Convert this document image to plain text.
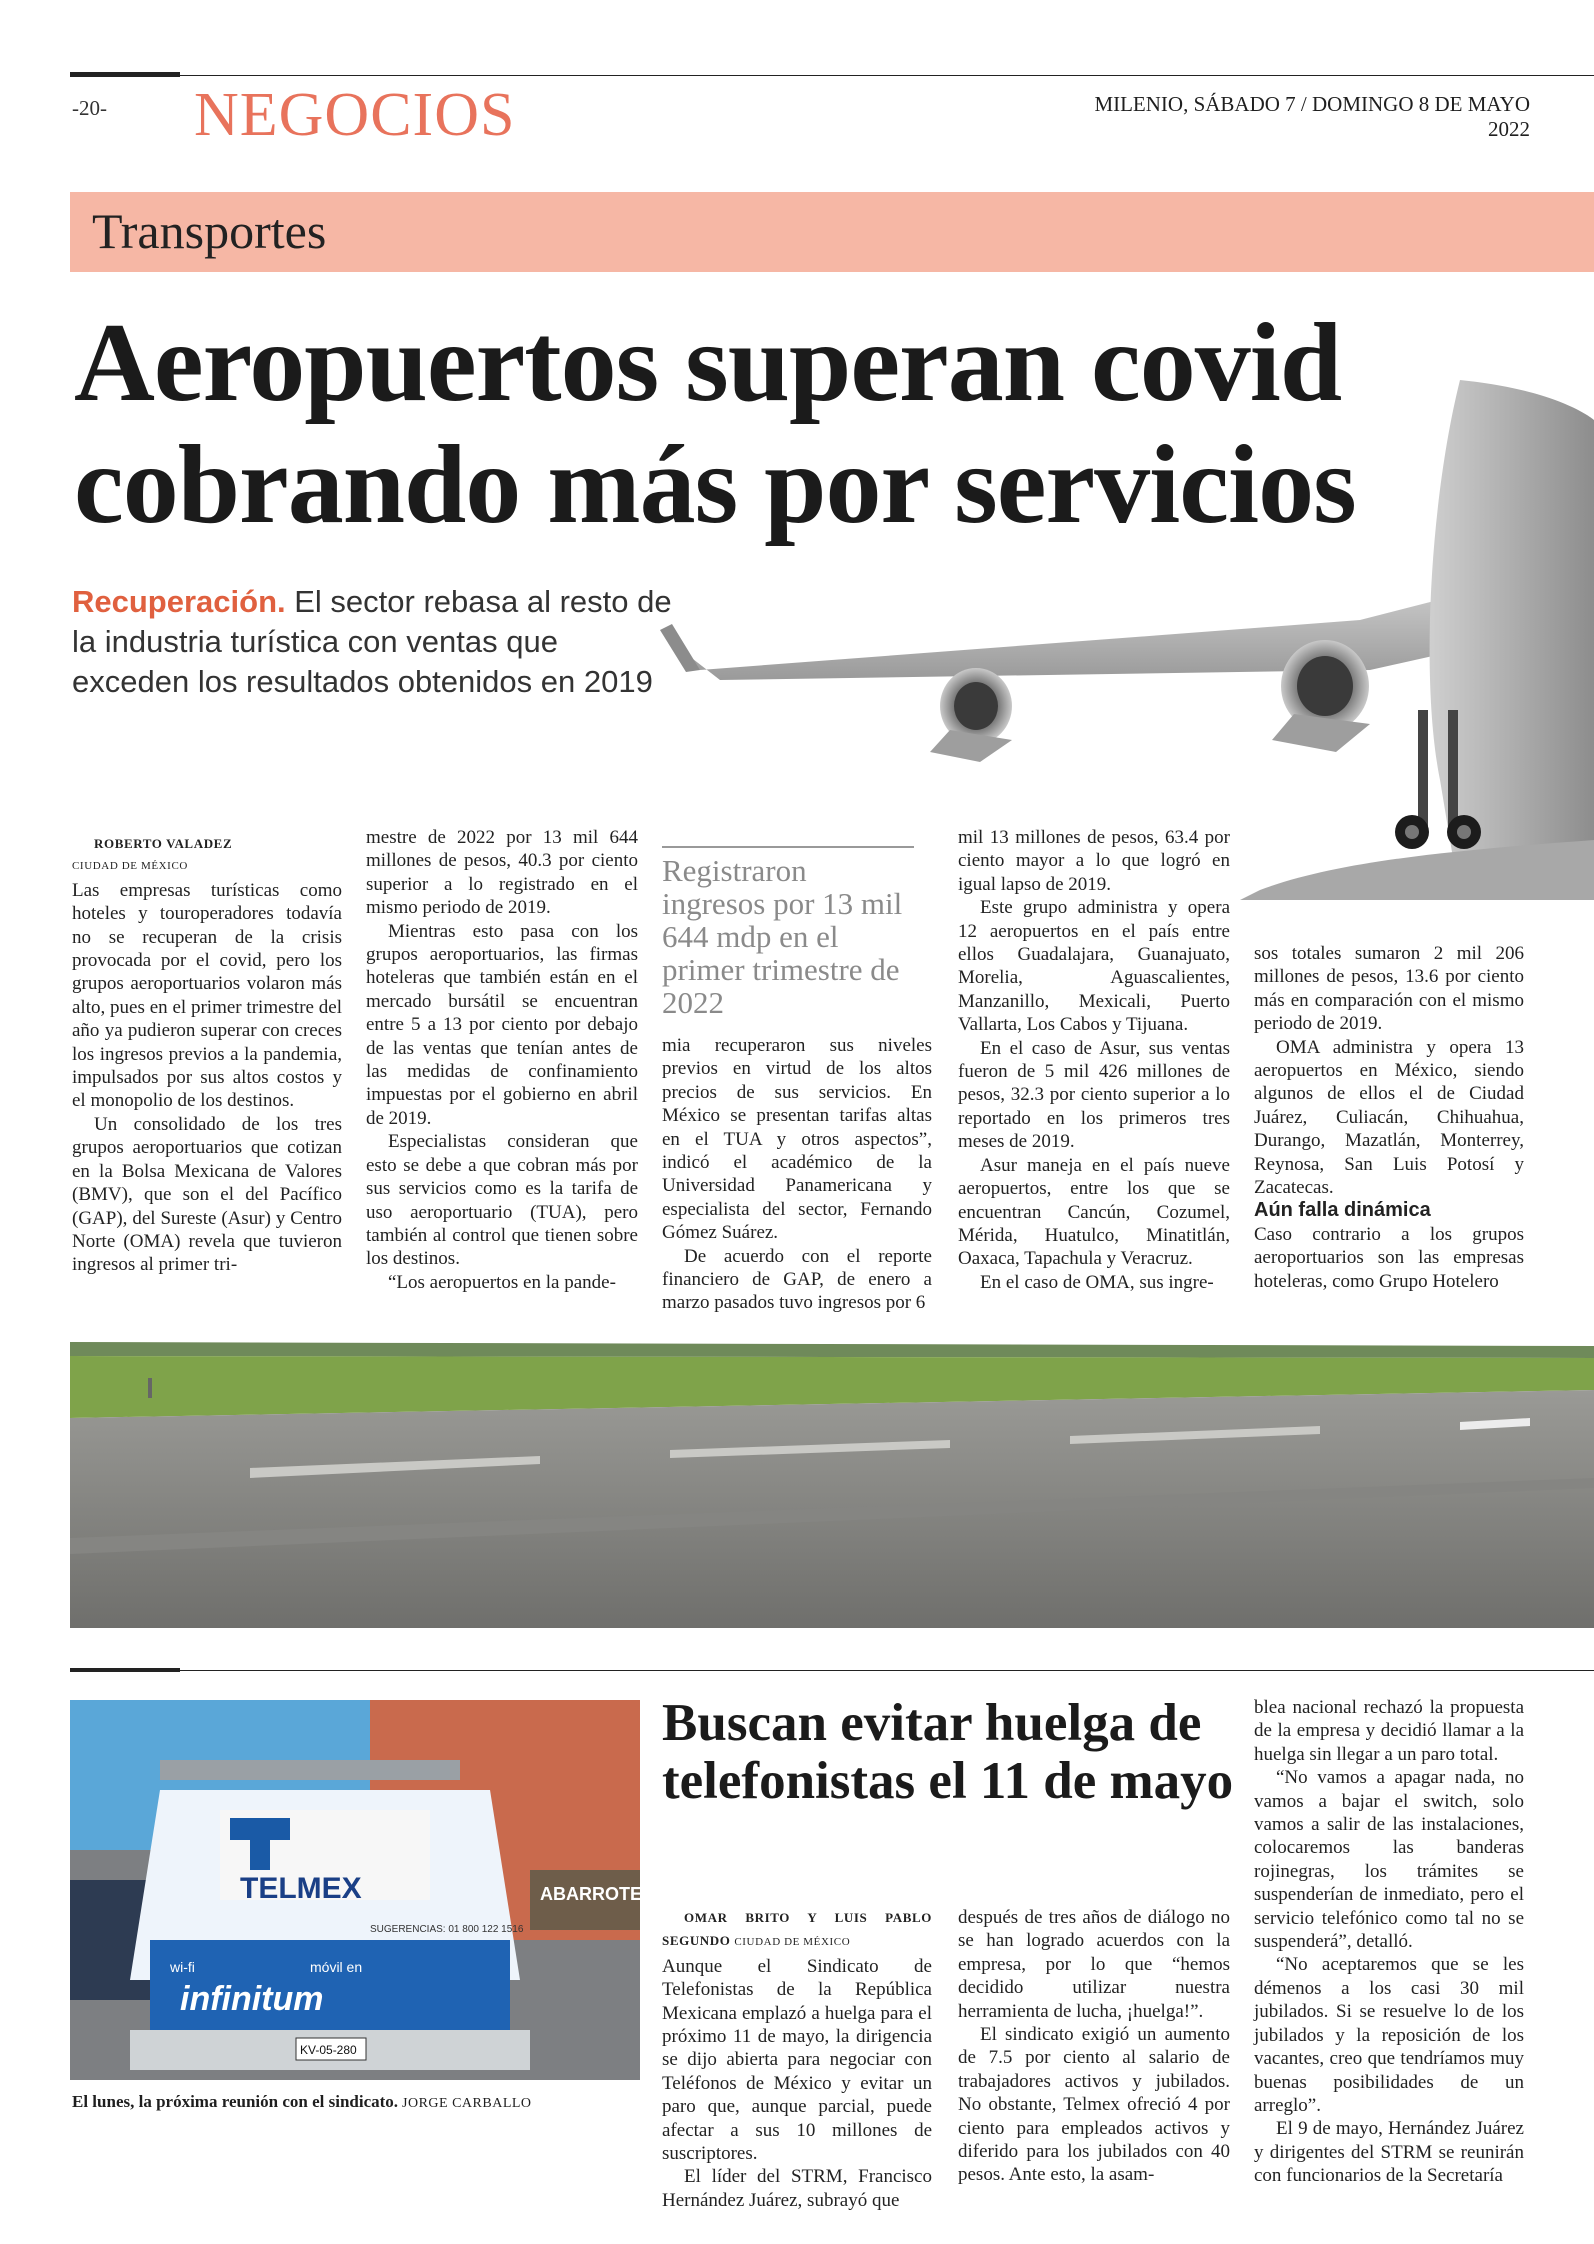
-20- NEGOCIOS	MILENIO, SÁBADO 7 / DOMINGO 8 DE MAYO 2022
Transportes
Aeropuertos superan covid
cobrando más por servicios
Recuperación. El sector rebasa al resto de la industria turística con ventas que exceden los resultados obtenidos en 2019

ROBERTO VALADEZ

CIUDAD DE MÉXICO

Las empresas turísticas como hoteles y touroperadores todavía no se recuperan de la crisis provocada por el covid, pero los grupos aeroportuarios volaron más alto, pues en el primer trimestre del año ya pudieron superar con creces los ingresos previos a la pandemia, impulsados por sus altos costos y el monopolio de los destinos.

Un consolidado de los tres grupos aeroportuarios que cotizan en la Bolsa Mexicana de Valores (BMV), que son el del Pacífico (GAP), del Sureste (Asur) y Centro Norte (OMA) revela que tuvieron ingresos al primer tri-

mestre de 2022 por 13 mil 644 millones de pesos, 40.3 por ciento superior a lo registrado en el mismo periodo de 2019.

Mientras esto pasa con los grupos aeroportuarios, las firmas hoteleras que también están en el mercado bursátil se encuentran entre 5 a 13 por ciento por debajo de las ventas que tenían antes de las medidas de confinamiento impuestas por el gobierno en abril de 2019.

Especialistas consideran que esto se debe a que cobran más por sus servicios como es la tarifa de uso aeroportuario (TUA), pero también al control que tienen sobre los destinos.

“Los aeropuertos en la pande-

Registraron ingresos por 13 mil 644 mdp en el primer trimestre de 2022

mia recuperaron sus niveles previos en virtud de los altos precios de sus servicios. En México se presentan tarifas altas en el TUA y otros aspectos”, indicó el académico de la Universidad Panamericana y especialista del sector, Fernando Gómez Suárez.

De acuerdo con el reporte financiero de GAP, de enero a marzo pasados tuvo ingresos por 6

mil 13 millones de pesos, 63.4 por ciento mayor a lo que logró en igual lapso de 2019.

Este grupo administra y opera 12 aeropuertos en el país entre ellos Guadalajara, Guanajuato, Morelia, Aguascalientes, Manzanillo, Mexicali, Puerto Vallarta, Los Cabos y Tijuana.

En el caso de Asur, sus ventas fueron de 5 mil 426 millones de pesos, 32.3 por ciento superior a lo reportado en los primeros tres meses de 2019.

Asur maneja en el país nueve aeropuertos, entre los que se encuentran Cancún, Cozumel, Mérida, Huatulco, Minatitlán, Oaxaca, Tapachula y Veracruz.

En el caso de OMA, sus ingre-

sos totales sumaron 2 mil 206 millones de pesos, 13.6 por ciento más en comparación con el mismo periodo de 2019.

OMA administra y opera 13 aeropuertos en México, siendo algunos de ellos el de Ciudad Juárez, Culiacán, Chihuahua, Durango, Mazatlán, Monterrey, Reynosa, San Luis Potosí y Zacatecas.

Aún falla dinámica

Caso contrario a los grupos aeroportuarios son las empresas hoteleras, como Grupo Hotelero

ABARROTES
TELMEX
SUGERENCIAS: 01 800 122 1516
wi-fi	móvil en
infinitum
KV-05-280
El lunes, la próxima reunión con el sindicato. JORGE CARBALLO
Buscan evitar huelga de
telefonistas el 11 de mayo

OMAR BRITO Y LUIS PABLO SEGUNDO CIUDAD DE MÉXICO

Aunque el Sindicato de Telefonistas de la República Mexicana emplazó a huelga para el próximo 11 de mayo, la dirigencia se dijo abierta para negociar con Teléfonos de México y evitar un paro que, aunque parcial, puede afectar a sus 10 millones de suscriptores.

El líder del STRM, Francisco Hernández Juárez, subrayó que

después de tres años de diálogo no se han logrado acuerdos con la empresa, por lo que “hemos decidido utilizar nuestra herramienta de lucha, ¡huelga!”.

El sindicato exigió un aumento de 7.5 por ciento al salario de trabajadores activos y jubilados. No obstante, Telmex ofreció 4 por ciento para empleados activos y diferido para los jubilados con 40 pesos. Ante esto, la asam-

blea nacional rechazó la propuesta de la empresa y decidió llamar a la huelga sin llegar a un paro total.

“No vamos a apagar nada, no vamos a bajar el switch, solo vamos a salir de las instalaciones, colocaremos las banderas rojinegras, los trámites se suspenderían de inmediato, pero el servicio telefónico como tal no se suspenderá”, detalló.

“No aceptaremos que se les démenos a los casi 30 mil jubilados. Si se resuelve lo de los jubilados y la reposición de los vacantes, creo que tendríamos muy buenas posibilidades de un arreglo”.

El 9 de mayo, Hernández Juárez y dirigentes del STRM se reunirán con funcionarios de la Secretaría
